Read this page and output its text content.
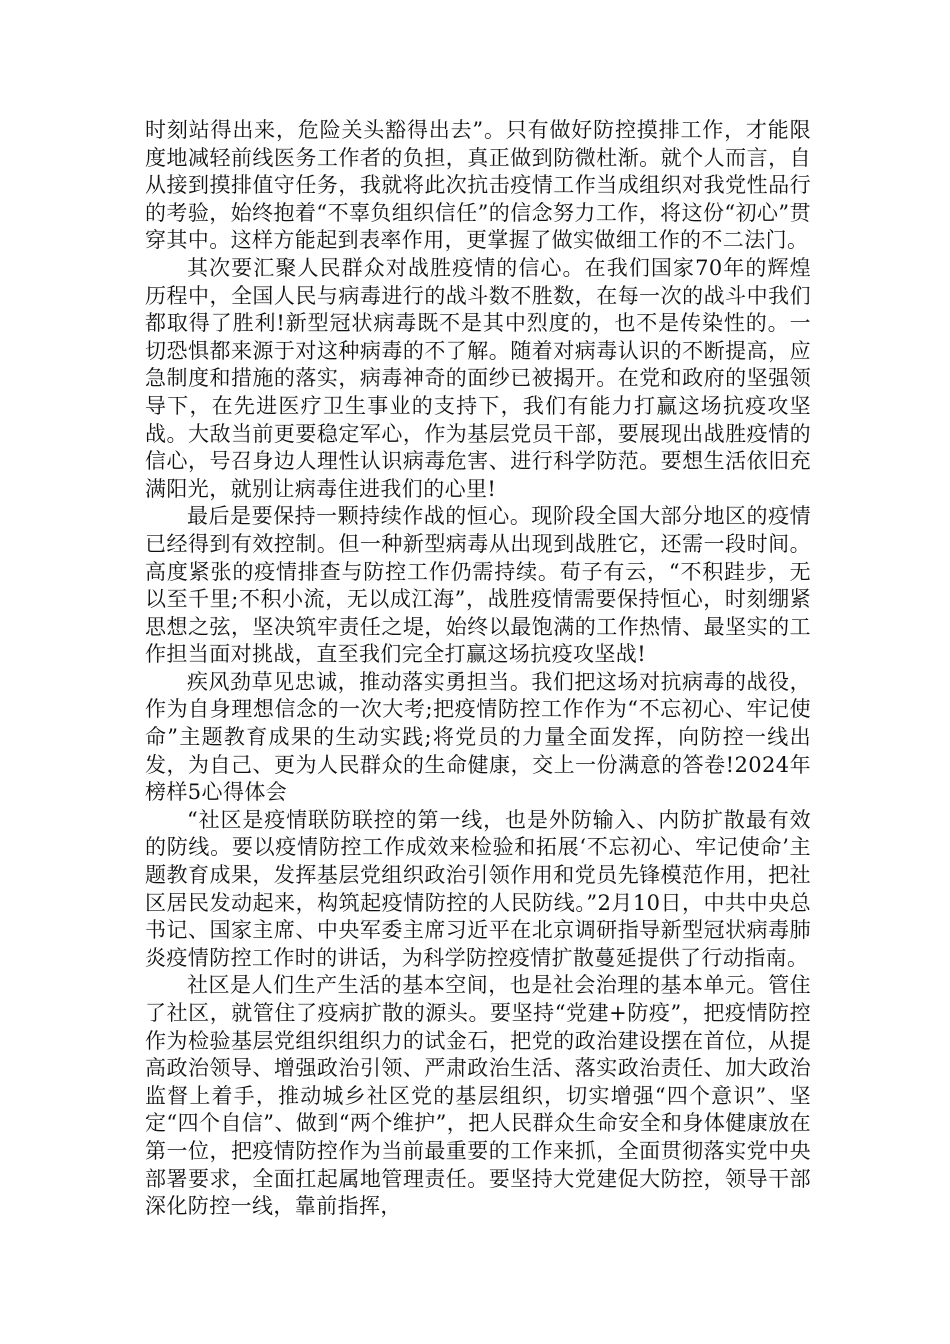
时刻站得出来，危险关头豁得出去”。只有做好防控摸排工作，才能限度地减轻前线医务工作者的负担，真正做到防微杜渐。就个人而言，自从接到摸排值守任务，我就将此次抗击疫情工作当成组织对我党性品行的考验，始终抱着“不辜负组织信任”的信念努力工作，将这份“初心”贯穿其中。这样方能起到表率作用，更掌握了做实做细工作的不二法门。

其次要汇聚人民群众对战胜疫情的信心。在我们国家70年的辉煌历程中，全国人民与病毒进行的战斗数不胜数，在每一次的战斗中我们都取得了胜利!新型冠状病毒既不是其中烈度的，也不是传染性的。一切恐惧都来源于对这种病毒的不了解。随着对病毒认识的不断提高，应急制度和措施的落实，病毒神奇的面纱已被揭开。在党和政府的坚强领导下，在先进医疗卫生事业的支持下，我们有能力打赢这场抗疫攻坚战。大敌当前更要稳定军心，作为基层党员干部，要展现出战胜疫情的信心，号召身边人理性认识病毒危害、进行科学防范。要想生活依旧充满阳光，就别让病毒住进我们的心里!

最后是要保持一颗持续作战的恒心。现阶段全国大部分地区的疫情已经得到有效控制。但一种新型病毒从出现到战胜它，还需一段时间。高度紧张的疫情排查与防控工作仍需持续。荀子有云，“不积跬步，无以至千里;不积小流，无以成江海”，战胜疫情需要保持恒心，时刻绷紧思想之弦，坚决筑牢责任之堤，始终以最饱满的工作热情、最坚实的工作担当面对挑战，直至我们完全打赢这场抗疫攻坚战!

疾风劲草见忠诚，推动落实勇担当。我们把这场对抗病毒的战役，作为自身理想信念的一次大考;把疫情防控工作作为“不忘初心、牢记使命”主题教育成果的生动实践;将党员的力量全面发挥，向防控一线出发，为自己、更为人民群众的生命健康，交上一份满意的答卷!2024年榜样5心得体会

“社区是疫情联防联控的第一线，也是外防输入、内防扩散最有效的防线。要以疫情防控工作成效来检验和拓展‘不忘初心、牢记使命’主题教育成果，发挥基层党组织政治引领作用和党员先锋模范作用，把社区居民发动起来，构筑起疫情防控的人民防线。”2月10日，中共中央总书记、国家主席、中央军委主席习近平在北京调研指导新型冠状病毒肺炎疫情防控工作时的讲话，为科学防控疫情扩散蔓延提供了行动指南。

社区是人们生产生活的基本空间，也是社会治理的基本单元。管住了社区，就管住了疫病扩散的源头。要坚持“党建+防疫”，把疫情防控作为检验基层党组织组织力的试金石，把党的政治建设摆在首位，从提高政治领导、增强政治引领、严肃政治生活、落实政治责任、加大政治监督上着手，推动城乡社区党的基层组织，切实增强“四个意识”、坚定“四个自信”、做到“两个维护”，把人民群众生命安全和身体健康放在第一位，把疫情防控作为当前最重要的工作来抓，全面贯彻落实党中央部署要求，全面扛起属地管理责任。要坚持大党建促大防控，领导干部深化防控一线，靠前指挥，
